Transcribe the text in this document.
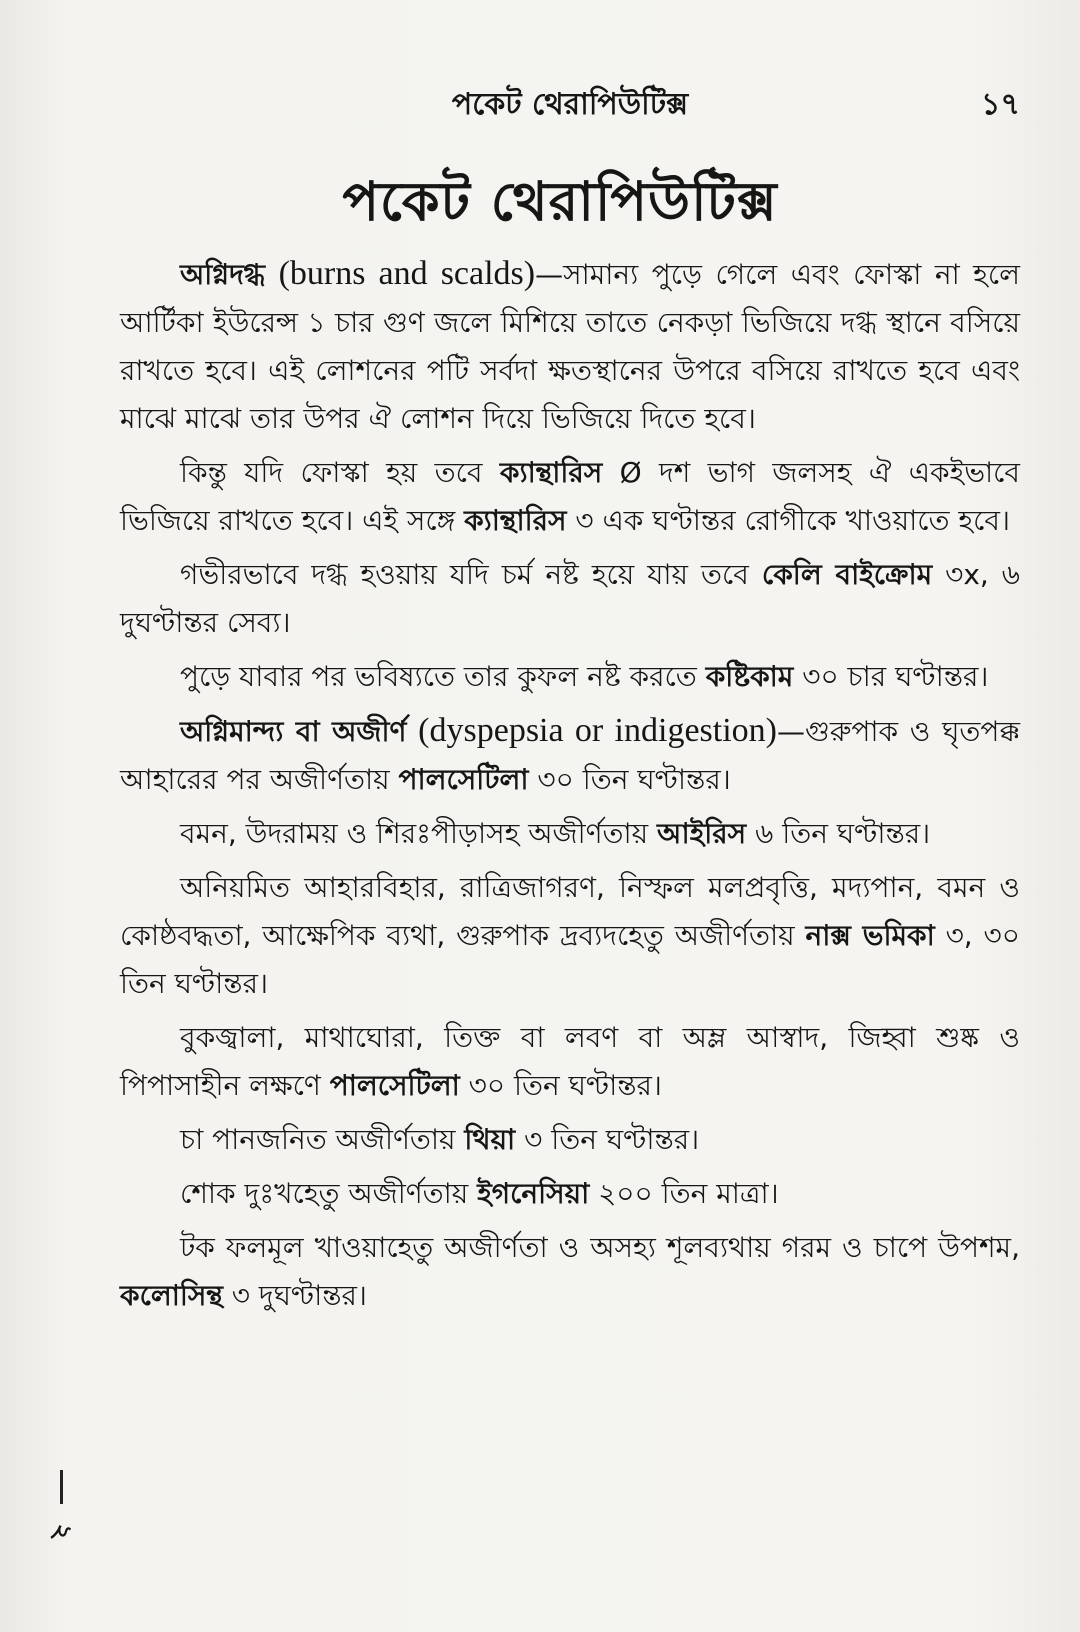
পকেট থেরাপিউটিক্স	১৭
পকেট থেরাপিউটিক্স

অগ্নিদগ্ধ (burns and scalds)—সামান্য পুড়ে গেলে এবং ফোস্কা না হলে আর্টিকা ইউরেন্স ১ চার গুণ জলে মিশিয়ে তাতে নেকড়া ভিজিয়ে দগ্ধ স্থানে বসিয়ে রাখতে হবে। এই লোশনের পটি সর্বদা ক্ষতস্থানের উপরে বসিয়ে রাখতে হবে এবং মাঝে মাঝে তার উপর ঐ লোশন দিয়ে ভিজিয়ে দিতে হবে।

কিন্তু যদি ফোস্কা হয় তবে ক্যান্থারিস Ø দশ ভাগ জলসহ ঐ একইভাবে ভিজিয়ে রাখতে হবে। এই সঙ্গে ক্যান্থারিস ৩ এক ঘণ্টান্তর রোগীকে খাওয়াতে হবে।

গভীরভাবে দগ্ধ হওয়ায় যদি চর্ম নষ্ট হয়ে যায় তবে কেলি বাইক্রোম ৩x, ৬ দুঘণ্টান্তর সেব্য।

পুড়ে যাবার পর ভবিষ্যতে তার কুফল নষ্ট করতে কষ্টিকাম ৩০ চার ঘণ্টান্তর।

অগ্নিমান্দ্য বা অজীর্ণ (dyspepsia or indigestion)—গুরুপাক ও ঘৃতপক্ক আহারের পর অজীর্ণতায় পালসেটিলা ৩০ তিন ঘণ্টান্তর।

বমন, উদরাময় ও শিরঃপীড়াসহ অজীর্ণতায় আইরিস ৬ তিন ঘণ্টান্তর।

অনিয়মিত আহারবিহার, রাত্রিজাগরণ, নিস্ফল মলপ্রবৃত্তি, মদ্যপান, বমন ও কোষ্ঠবদ্ধতা, আক্ষেপিক ব্যথা, গুরুপাক দ্রব্যদহেতু অজীর্ণতায় নাক্স ভমিকা ৩, ৩০ তিন ঘণ্টান্তর।

বুকজ্বালা, মাথাঘোরা, তিক্ত বা লবণ বা অম্ল আস্বাদ, জিহ্বা শুষ্ক ও পিপাসাহীন লক্ষণে পালসেটিলা ৩০ তিন ঘণ্টান্তর।

চা পানজনিত অজীর্ণতায় থিয়া ৩ তিন ঘণ্টান্তর।

শোক দুঃখহেতু অজীর্ণতায় ইগনেসিয়া ২০০ তিন মাত্রা।

টক ফলমূল খাওয়াহেতু অজীর্ণতা ও অসহ্য শূলব্যথায় গরম ও চাপে উপশম, কলোসিন্থ ৩ দুঘণ্টান্তর।

২
